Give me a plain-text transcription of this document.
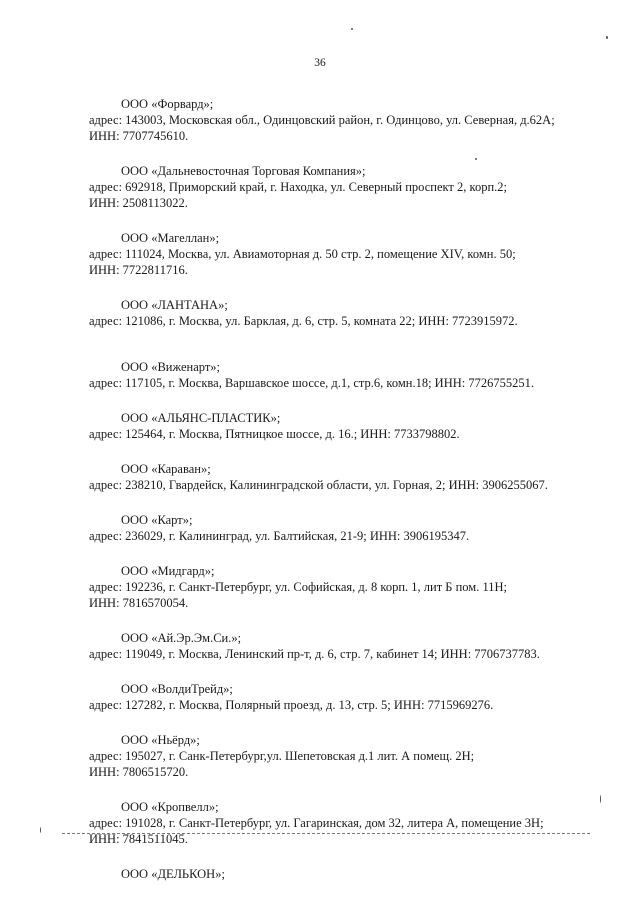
36
ООО «Форвард»;
адрес: 143003, Московская обл., Одинцовский район, г. Одинцово, ул. Северная, д.62А;
ИНН: 7707745610.
ООО «Дальневосточная Торговая Компания»;
адрес: 692918, Приморский край, г. Находка, ул. Северный проспект 2, корп.2;
ИНН: 2508113022.
ООО «Магеллан»;
адрес: 111024, Москва, ул. Авиамоторная д. 50 стр. 2, помещение XIV, комн. 50;
ИНН: 7722811716.
ООО «ЛАНТАНА»;
адрес: 121086, г. Москва, ул. Барклая, д. 6, стр. 5, комната 22; ИНН: 7723915972.
ООО «Виженарт»;
адрес: 117105, г. Москва, Варшавское шоссе, д.1, стр.6, комн.18; ИНН: 7726755251.
ООО «АЛЬЯНС-ПЛАСТИК»;
адрес: 125464, г. Москва, Пятницкое шоссе, д. 16.; ИНН: 7733798802.
ООО «Караван»;
адрес: 238210, Гвардейск, Калининградской области, ул. Горная, 2; ИНН: 3906255067.
ООО «Карт»;
адрес: 236029, г. Калининград, ул. Балтийская, 21-9; ИНН: 3906195347.
ООО «Мидгард»;
адрес: 192236, г. Санкт-Петербург, ул. Софийская, д. 8 корп. 1, лит Б пом. 11Н;
ИНН: 7816570054.
ООО «Ай.Эр.Эм.Си.»;
адрес: 119049, г. Москва, Ленинский пр-т, д. 6, стр. 7, кабинет 14; ИНН: 7706737783.
ООО «ВолдиТрейд»;
адрес: 127282, г. Москва, Полярный проезд, д. 13, стр. 5; ИНН: 7715969276.
ООО «Ньёрд»;
адрес: 195027, г. Санк-Петербург,ул. Шепетовская д.1 лит. А помещ. 2Н;
ИНН: 7806515720.
ООО «Кропвелл»;
адрес: 191028, г. Санкт-Петербург, ул. Гагаринская, дом 32, литера А, помещение 3Н;
ИНН: 7841511045.
ООО «ДЕЛЬКОН»;
